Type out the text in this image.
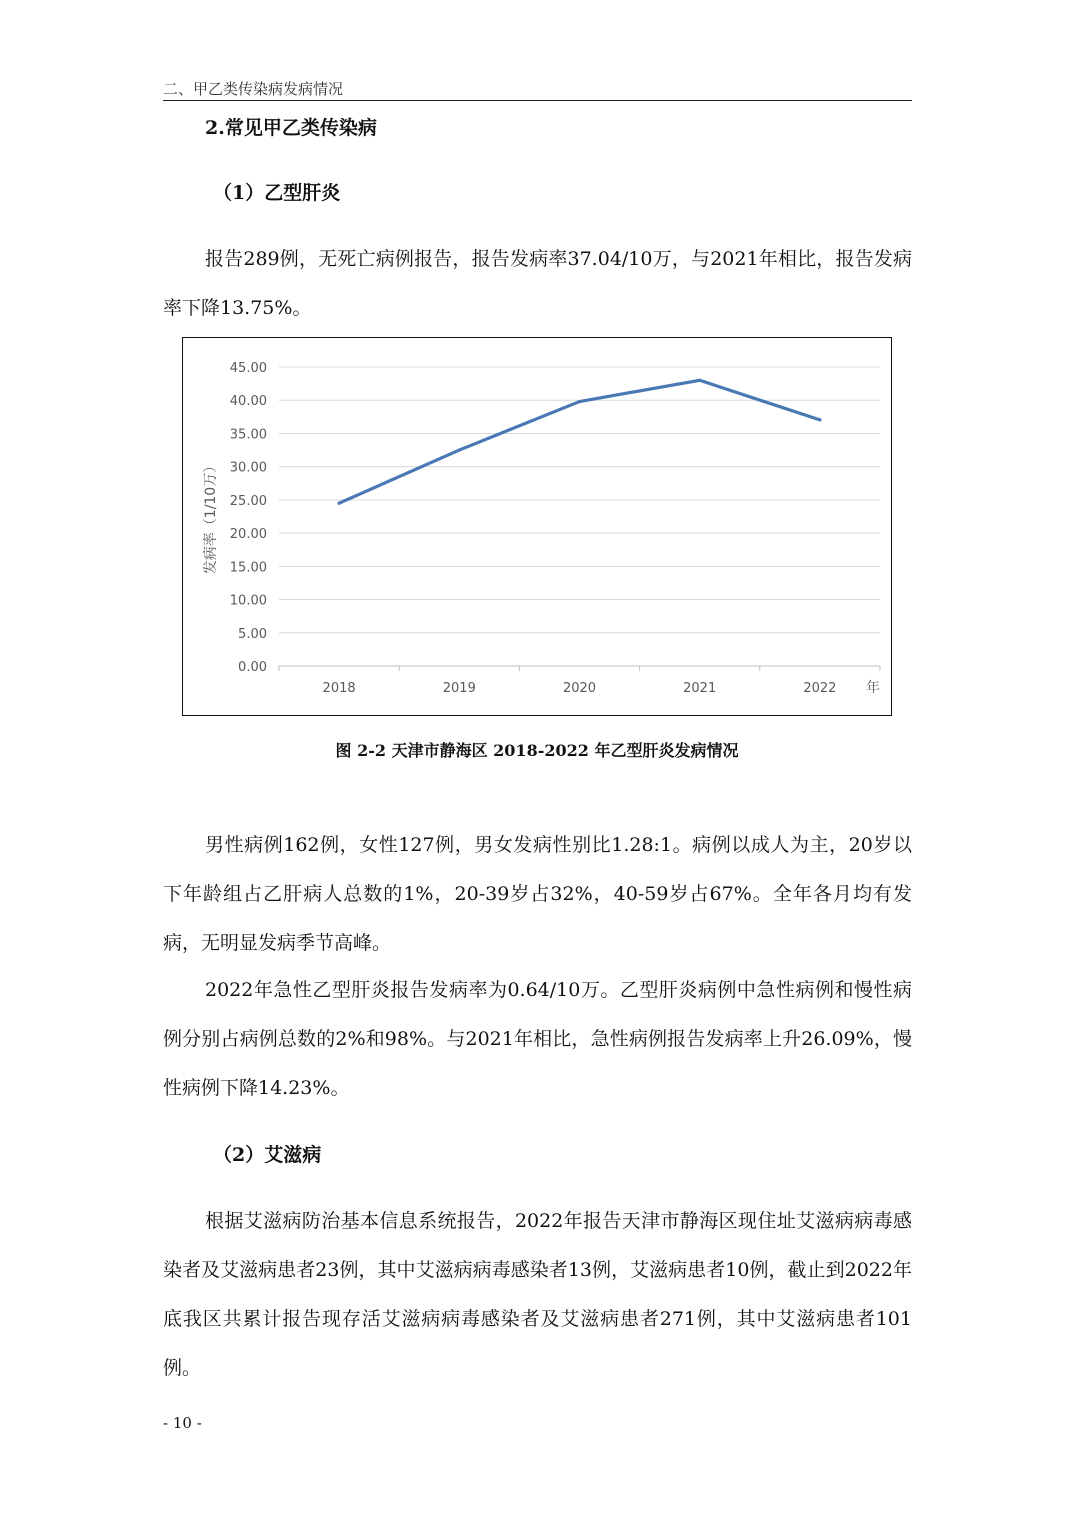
二、甲乙类传染病发病情况
2.常见甲乙类传染病
（1）乙型肝炎

报告289例，无死亡病例报告，报告发病率37.04/10万，与2021年相比，报告发病率下降13.75%。

0.00
5.00
10.00
15.00
20.00
25.00
30.00
35.00
40.00
45.00
2018	2019	2020	2021	2022 年
发病率（1/10万）
图 2-2 天津市静海区 2018-2022 年乙型肝炎发病情况

男性病例162例，女性127例，男女发病性别比1.28:1。病例以成人为主，20岁以下年龄组占乙肝病人总数的1%，20-39岁占32%，40-59岁占67%。全年各月均有发病，无明显发病季节高峰。

2022年急性乙型肝炎报告发病率为0.64/10万。乙型肝炎病例中急性病例和慢性病例分别占病例总数的2%和98%。与2021年相比，急性病例报告发病率上升26.09%，慢性病例下降14.23%。

（2）艾滋病

根据艾滋病防治基本信息系统报告，2022年报告天津市静海区现住址艾滋病病毒感染者及艾滋病患者23例，其中艾滋病病毒感染者13例，艾滋病患者10例，截止到2022年底我区共累计报告现存活艾滋病病毒感染者及艾滋病患者271例，其中艾滋病患者101例。

- 10 -
